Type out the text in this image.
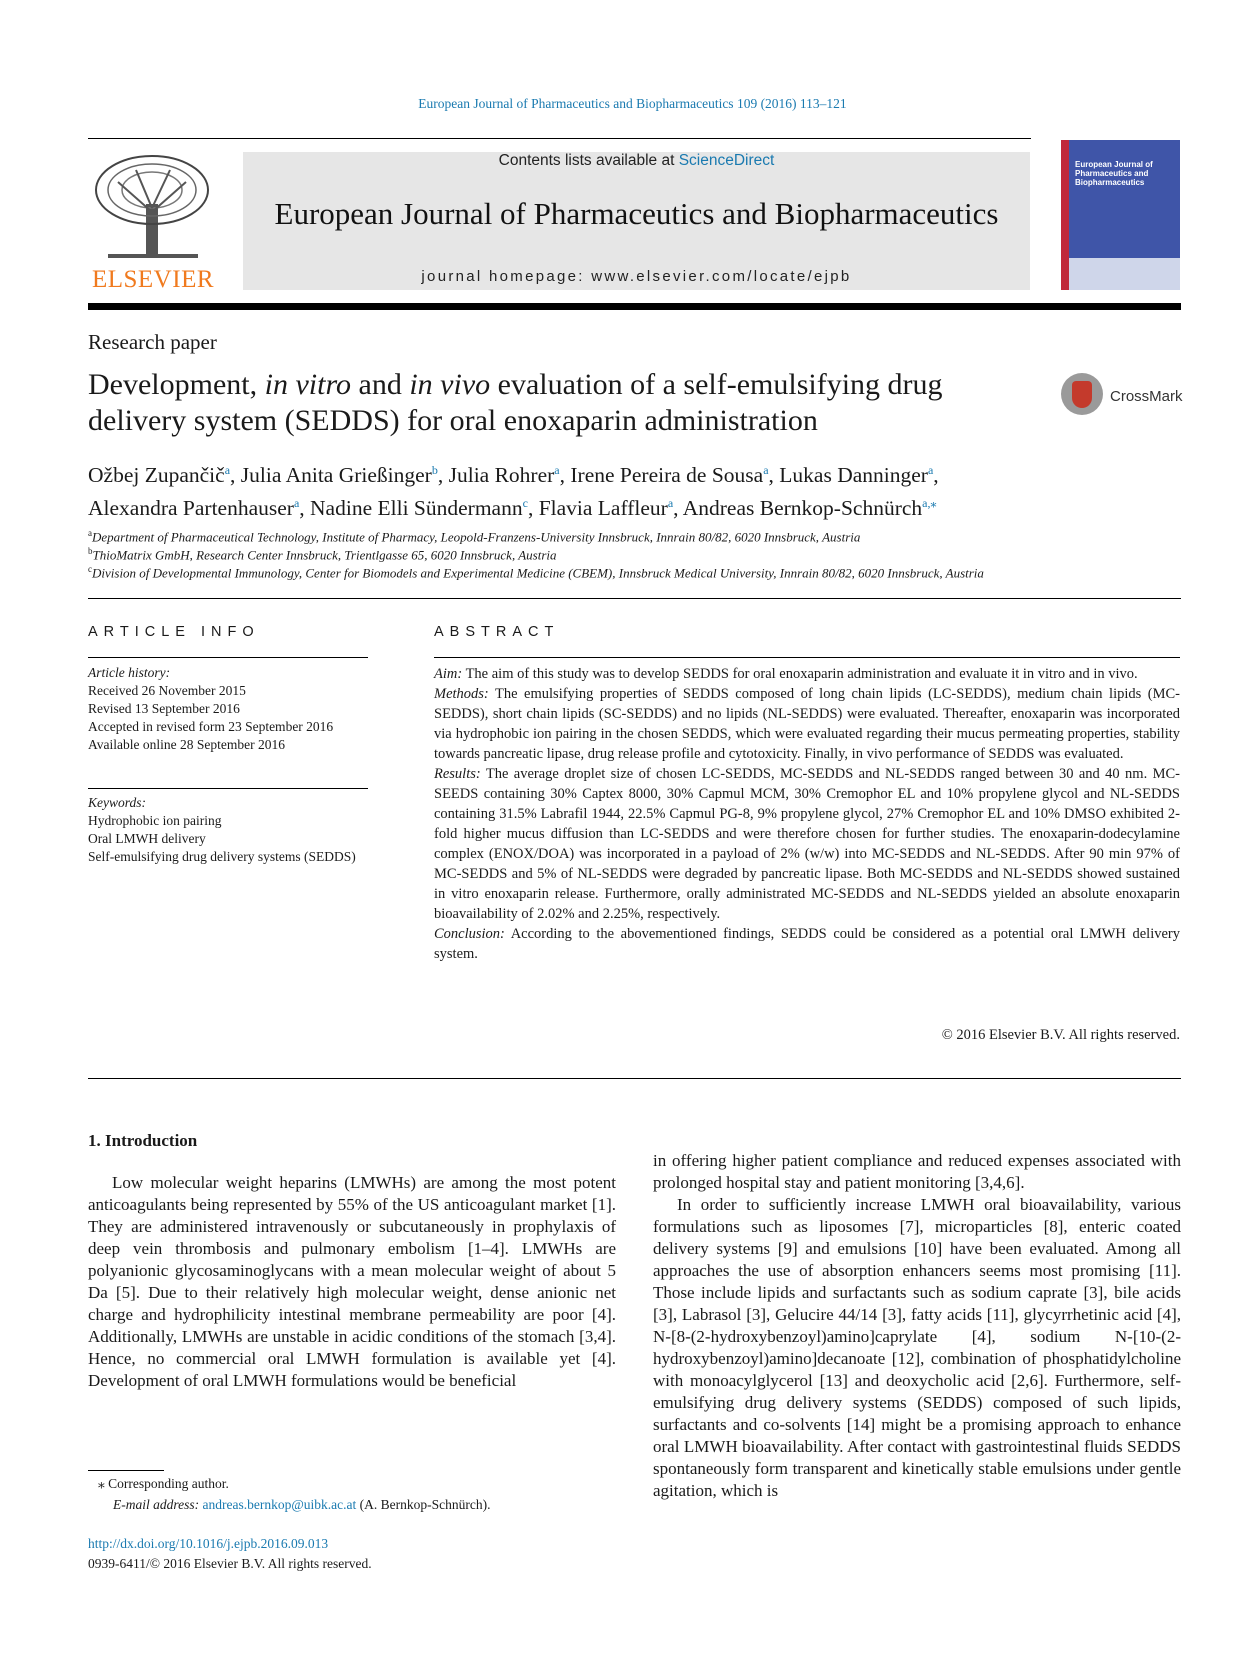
European Journal of Pharmaceutics and Biopharmaceutics 109 (2016) 113–121
ELSEVIER
Contents lists available at ScienceDirect
European Journal of Pharmaceutics and Biopharmaceutics
journal homepage: www.elsevier.com/locate/ejpb
European Journal of Pharmaceutics and Biopharmaceutics
Research paper
Development, in vitro and in vivo evaluation of a self-emulsifying drug delivery system (SEDDS) for oral enoxaparin administration
CrossMark
Ožbej Zupančič$^a$, Julia Anita Grießinger$^b$, Julia Rohrer$^a$, Irene Pereira de Sousa$^a$, Lukas Danninger$^a$,
Alexandra Partenhauser$^a$, Nadine Elli Sündermann$^c$, Flavia Laffleur$^a$, Andreas Bernkop-Schnürch$^{a,⁎}$
$^a$Department of Pharmaceutical Technology, Institute of Pharmacy, Leopold-Franzens-University Innsbruck, Innrain 80/82, 6020 Innsbruck, Austria
$^b$ThioMatrix GmbH, Research Center Innsbruck, Trientlgasse 65, 6020 Innsbruck, Austria
$^c$Division of Developmental Immunology, Center for Biomodels and Experimental Medicine (CBEM), Innsbruck Medical University, Innrain 80/82, 6020 Innsbruck, Austria
ARTICLE INFO
Article history:
Received 26 November 2015
Revised 13 September 2016
Accepted in revised form 23 September 2016
Available online 28 September 2016
Keywords:
Hydrophobic ion pairing
Oral LMWH delivery
Self-emulsifying drug delivery systems (SEDDS)
ABSTRACT

Aim: The aim of this study was to develop SEDDS for oral enoxaparin administration and evaluate it in vitro and in vivo.

Methods: The emulsifying properties of SEDDS composed of long chain lipids (LC-SEDDS), medium chain lipids (MC-SEDDS), short chain lipids (SC-SEDDS) and no lipids (NL-SEDDS) were evaluated. Thereafter, enoxaparin was incorporated via hydrophobic ion pairing in the chosen SEDDS, which were evaluated regarding their mucus permeating properties, stability towards pancreatic lipase, drug release profile and cytotoxicity. Finally, in vivo performance of SEDDS was evaluated.

Results: The average droplet size of chosen LC-SEDDS, MC-SEDDS and NL-SEDDS ranged between 30 and 40 nm. MC-SEEDS containing 30% Captex 8000, 30% Capmul MCM, 30% Cremophor EL and 10% propylene glycol and NL-SEDDS containing 31.5% Labrafil 1944, 22.5% Capmul PG-8, 9% propylene glycol, 27% Cremophor EL and 10% DMSO exhibited 2-fold higher mucus diffusion than LC-SEDDS and were therefore chosen for further studies. The enoxaparin-dodecylamine complex (ENOX/DOA) was incorporated in a payload of 2% (w/w) into MC-SEDDS and NL-SEDDS. After 90 min 97% of MC-SEDDS and 5% of NL-SEDDS were degraded by pancreatic lipase. Both MC-SEDDS and NL-SEDDS showed sustained in vitro enoxaparin release. Furthermore, orally administrated MC-SEDDS and NL-SEDDS yielded an absolute enoxaparin bioavailability of 2.02% and 2.25%, respectively.

Conclusion: According to the abovementioned findings, SEDDS could be considered as a potential oral LMWH delivery system.

© 2016 Elsevier B.V. All rights reserved.
1. Introduction

Low molecular weight heparins (LMWHs) are among the most potent anticoagulants being represented by 55% of the US anticoagulant market [1]. They are administered intravenously or subcutaneously in prophylaxis of deep vein thrombosis and pulmonary embolism [1–4]. LMWHs are polyanionic glycosaminoglycans with a mean molecular weight of about 5 Da [5]. Due to their relatively high molecular weight, dense anionic net charge and hydrophilicity intestinal membrane permeability are poor [4]. Additionally, LMWHs are unstable in acidic conditions of the stomach [3,4]. Hence, no commercial oral LMWH formulation is available yet [4]. Development of oral LMWH formulations would be beneficial

in offering higher patient compliance and reduced expenses associated with prolonged hospital stay and patient monitoring [3,4,6].

In order to sufficiently increase LMWH oral bioavailability, various formulations such as liposomes [7], microparticles [8], enteric coated delivery systems [9] and emulsions [10] have been evaluated. Among all approaches the use of absorption enhancers seems most promising [11]. Those include lipids and surfactants such as sodium caprate [3], bile acids [3], Labrasol [3], Gelucire 44/14 [3], fatty acids [11], glycyrrhetinic acid [4], N-[8-(2-hydroxybenzoyl)amino]caprylate [4], sodium N-[10-(2-hydroxybenzoyl)amino]decanoate [12], combination of phosphatidylcholine with monoacylglycerol [13] and deoxycholic acid [2,6]. Furthermore, self-emulsifying drug delivery systems (SEDDS) composed of such lipids, surfactants and co-solvents [14] might be a promising approach to enhance oral LMWH bioavailability. After contact with gastrointestinal fluids SEDDS spontaneously form transparent and kinetically stable emulsions under gentle agitation, which is

⁎ Corresponding author.
E-mail address: andreas.bernkop@uibk.ac.at (A. Bernkop-Schnürch).
http://dx.doi.org/10.1016/j.ejpb.2016.09.013
0939-6411/© 2016 Elsevier B.V. All rights reserved.
